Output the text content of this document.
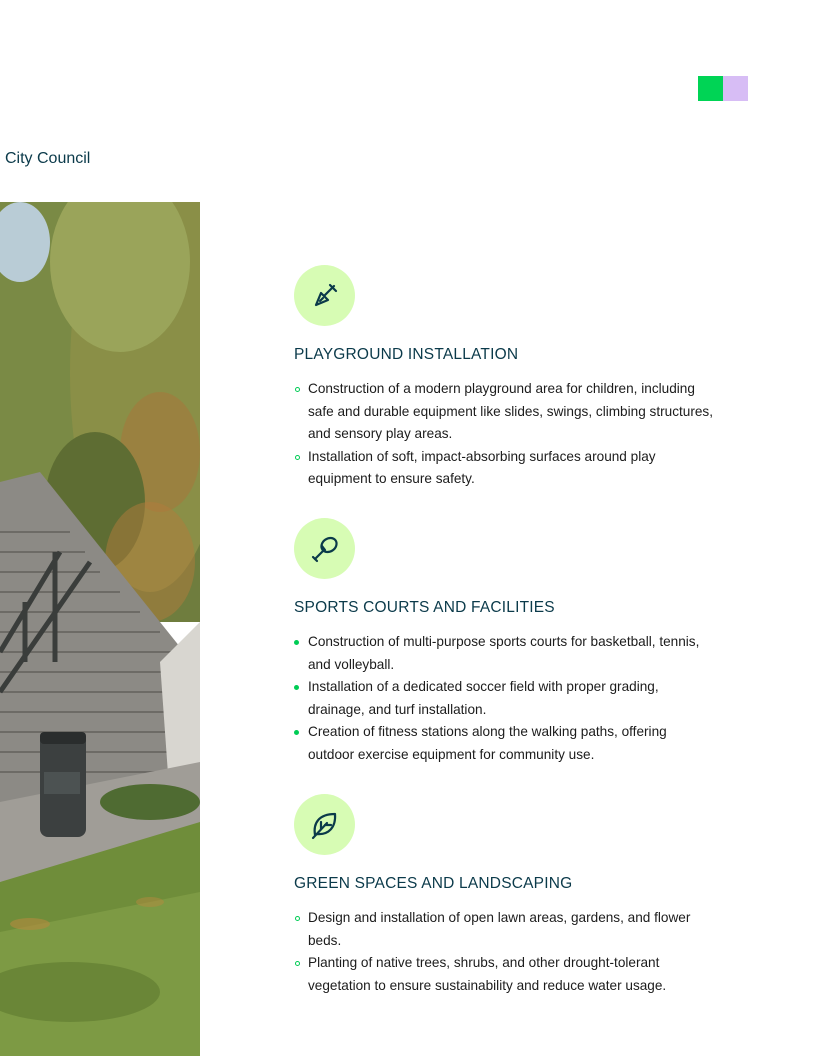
City Council
PLAYGROUND INSTALLATION
Construction of a modern playground area for children, including safe and durable equipment like slides, swings, climbing structures, and sensory play areas.
Installation of soft, impact-absorbing surfaces around play equipment to ensure safety.
SPORTS COURTS AND FACILITIES
Construction of multi-purpose sports courts for basketball, tennis, and volleyball.
Installation of a dedicated soccer field with proper grading, drainage, and turf installation.
Creation of fitness stations along the walking paths, offering outdoor exercise equipment for community use.
GREEN SPACES AND LANDSCAPING
Design and installation of open lawn areas, gardens, and flower beds.
Planting of native trees, shrubs, and other drought-tolerant vegetation to ensure sustainability and reduce water usage.
